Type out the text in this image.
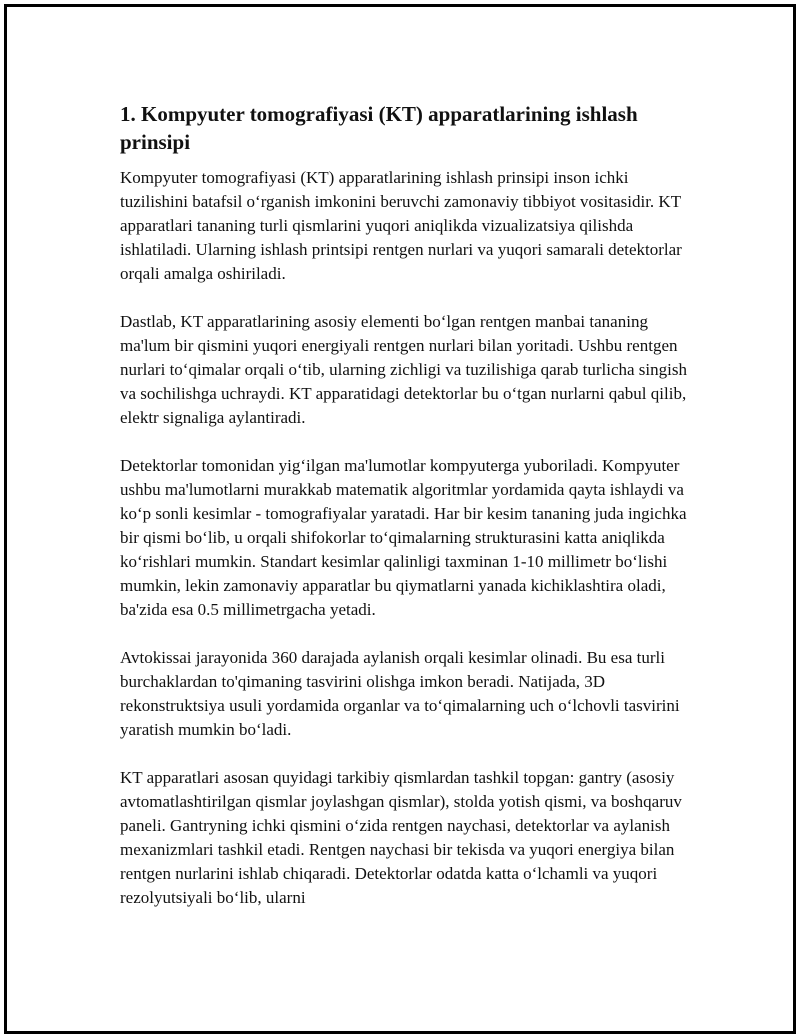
1. Kompyuter tomografiyasi (KT) apparatlarining ishlash prinsipi

Kompyuter tomografiyasi (KT) apparatlarining ishlash prinsipi inson ichki tuzilishini batafsil o‘rganish imkonini beruvchi zamonaviy tibbiyot vositasidir. KT apparatlari tananing turli qismlarini yuqori aniqlikda vizualizatsiya qilishda ishlatiladi. Ularning ishlash printsipi rentgen nurlari va yuqori samarali detektorlar orqali amalga oshiriladi.

Dastlab, KT apparatlarining asosiy elementi bo‘lgan rentgen manbai tananing ma'lum bir qismini yuqori energiyali rentgen nurlari bilan yoritadi. Ushbu rentgen nurlari to‘qimalar orqali o‘tib, ularning zichligi va tuzilishiga qarab turlicha singish va sochilishga uchraydi. KT apparatidagi detektorlar bu o‘tgan nurlarni qabul qilib, elektr signaliga aylantiradi.

Detektorlar tomonidan yig‘ilgan ma'lumotlar kompyuterga yuboriladi. Kompyuter ushbu ma'lumotlarni murakkab matematik algoritmlar yordamida qayta ishlaydi va ko‘p sonli kesimlar - tomografiyalar yaratadi. Har bir kesim tananing juda ingichka bir qismi bo‘lib, u orqali shifokorlar to‘qimalarning strukturasini katta aniqlikda ko‘rishlari mumkin. Standart kesimlar qalinligi taxminan 1-10 millimetr bo‘lishi mumkin, lekin zamonaviy apparatlar bu qiymatlarni yanada kichiklashtira oladi, ba'zida esa 0.5 millimetrgacha yetadi.

Avtokissai jarayonida 360 darajada aylanish orqali kesimlar olinadi. Bu esa turli burchaklardan to'qimaning tasvirini olishga imkon beradi. Natijada, 3D rekonstruktsiya usuli yordamida organlar va to‘qimalarning uch o‘lchovli tasvirini yaratish mumkin bo‘ladi.

KT apparatlari asosan quyidagi tarkibiy qismlardan tashkil topgan: gantry (asosiy avtomatlashtirilgan qismlar joylashgan qismlar), stolda yotish qismi, va boshqaruv paneli. Gantryning ichki qismini o‘zida rentgen naychasi, detektorlar va aylanish mexanizmlari tashkil etadi. Rentgen naychasi bir tekisda va yuqori energiya bilan rentgen nurlarini ishlab chiqaradi. Detektorlar odatda katta o‘lchamli va yuqori rezolyutsiyali bo‘lib, ularni
